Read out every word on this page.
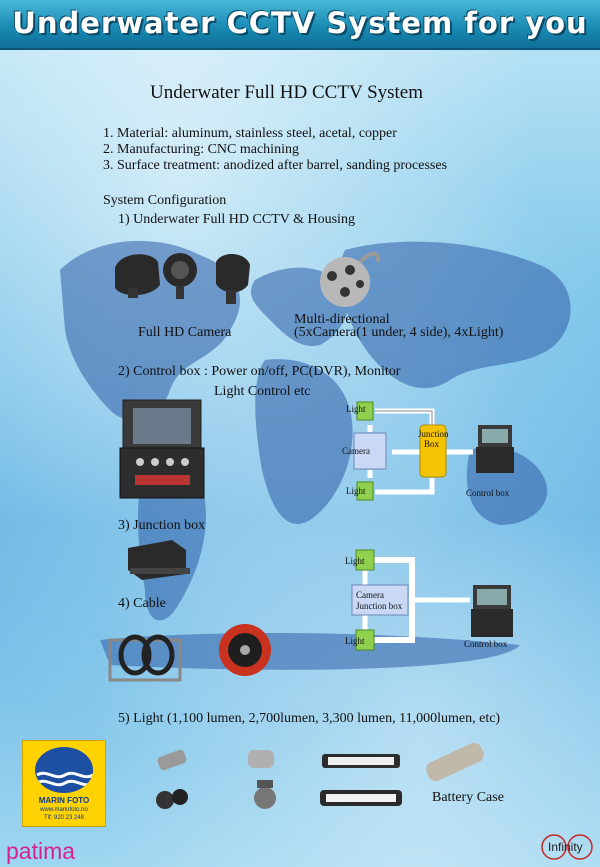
Underwater CCTV System for you
Underwater Full HD CCTV System
1. Material: aluminum, stainless steel, acetal, copper
2. Manufacturing: CNC machining
3. Surface treatment: anodized after barrel, sanding processes
System Configuration
1) Underwater Full HD CCTV & Housing
Full HD Camera
Multi-directional
(5xCamera(1 under, 4 side), 4xLight)
2) Control box : Power on/off, PC(DVR), Monitor
Light Control etc
Light
Camera
Junction
Box
Light	Control box
3) Junction box
4) Cable
Light
Camera
Junction box
Light	Control box
5) Light (1,100 lumen, 2,700lumen, 3,300 lumen, 11,000lumen, etc)
Battery Case
MARIN FOTO
www.marinfoto.no
Tlf: 920 23 248
patima	Infinity
